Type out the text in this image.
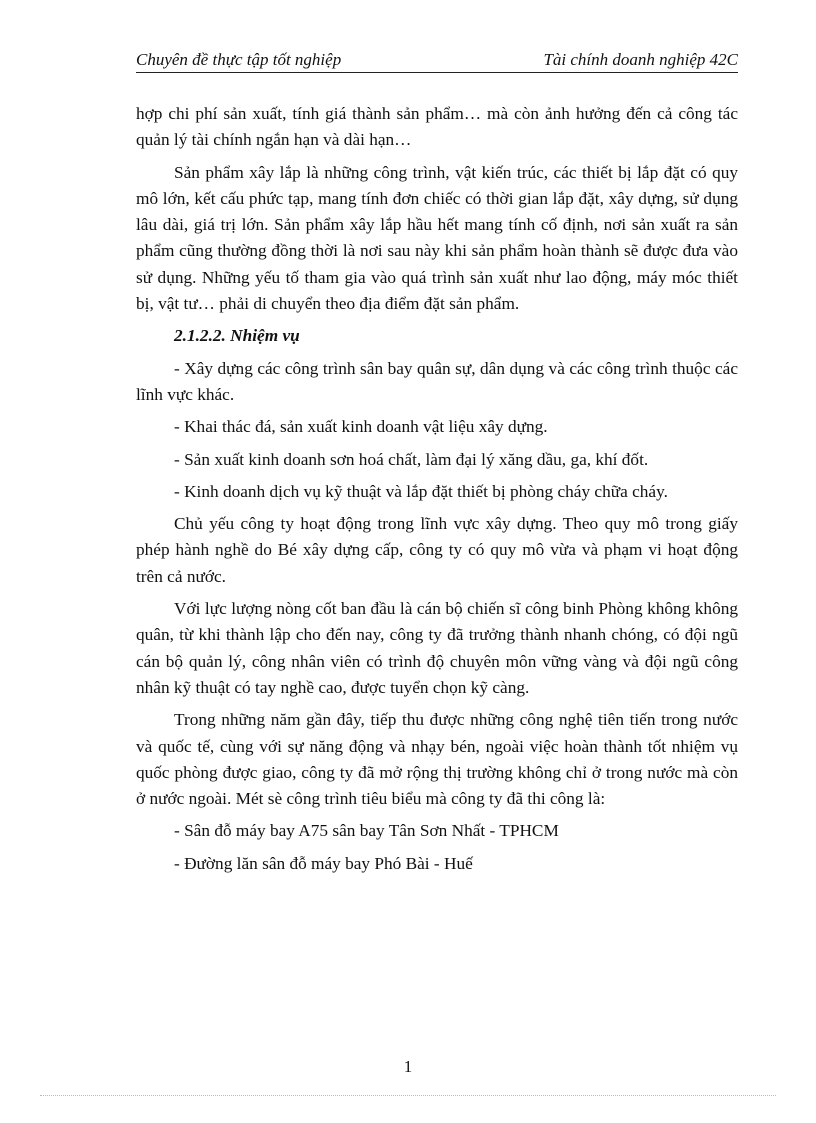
Chuyên đề thực tập tốt nghiệp	Tài chính doanh nghiệp 42C

hợp chi phí sản xuất, tính giá thành sản phẩm… mà còn ảnh hưởng đến cả công tác quản lý tài chính ngắn hạn và dài hạn…

Sản phẩm xây lắp là những công trình, vật kiến trúc, các thiết bị lắp đặt có quy mô lớn, kết cấu phức tạp, mang tính đơn chiếc có thời gian lắp đặt, xây dựng, sử dụng lâu dài, giá trị lớn. Sản phẩm xây lắp hầu hết mang tính cố định, nơi sản xuất ra sản phẩm cũng thường đồng thời là nơi sau này khi sản phẩm hoàn thành sẽ được đưa vào sử dụng. Những yếu tố tham gia vào quá trình sản xuất như lao động, máy móc thiết bị, vật tư… phải di chuyển theo địa điểm đặt sản phẩm.

2.1.2.2. Nhiệm vụ

- Xây dựng các công trình sân bay quân sự, dân dụng và các công trình thuộc các lĩnh vực khác.

- Khai thác đá, sản xuất kinh doanh vật liệu xây dựng.

- Sản xuất kinh doanh sơn hoá chất, làm đại lý xăng dầu, ga, khí đốt.

- Kinh doanh dịch vụ kỹ thuật và lắp đặt thiết bị phòng cháy chữa cháy.

Chủ yếu công ty hoạt động trong lĩnh vực xây dựng. Theo quy mô trong giấy phép hành nghề do Bé xây dựng cấp, công ty có quy mô vừa và phạm vi hoạt động trên cả nước.

Với lực lượng nòng cốt ban đầu là cán bộ chiến sĩ công binh Phòng không không quân, từ khi thành lập cho đến nay, công ty đã trưởng thành nhanh chóng, có đội ngũ cán bộ quản lý, công nhân viên có trình độ chuyên môn vững vàng và đội ngũ công nhân kỹ thuật có tay nghề cao, được tuyển chọn kỹ càng.

Trong những năm gần đây, tiếp thu được những công nghệ tiên tiến trong nước và quốc tế, cùng với sự năng động và nhạy bén, ngoài việc hoàn thành tốt nhiệm vụ quốc phòng được giao, công ty đã mở rộng thị trường không chỉ ở trong nước mà còn ở nước ngoài. Mét sè công trình tiêu biểu mà công ty đã thi công là:

- Sân đỗ máy bay A75 sân bay Tân Sơn Nhất - TPHCM

- Đường lăn sân đỗ máy bay Phó Bài - Huế

1
